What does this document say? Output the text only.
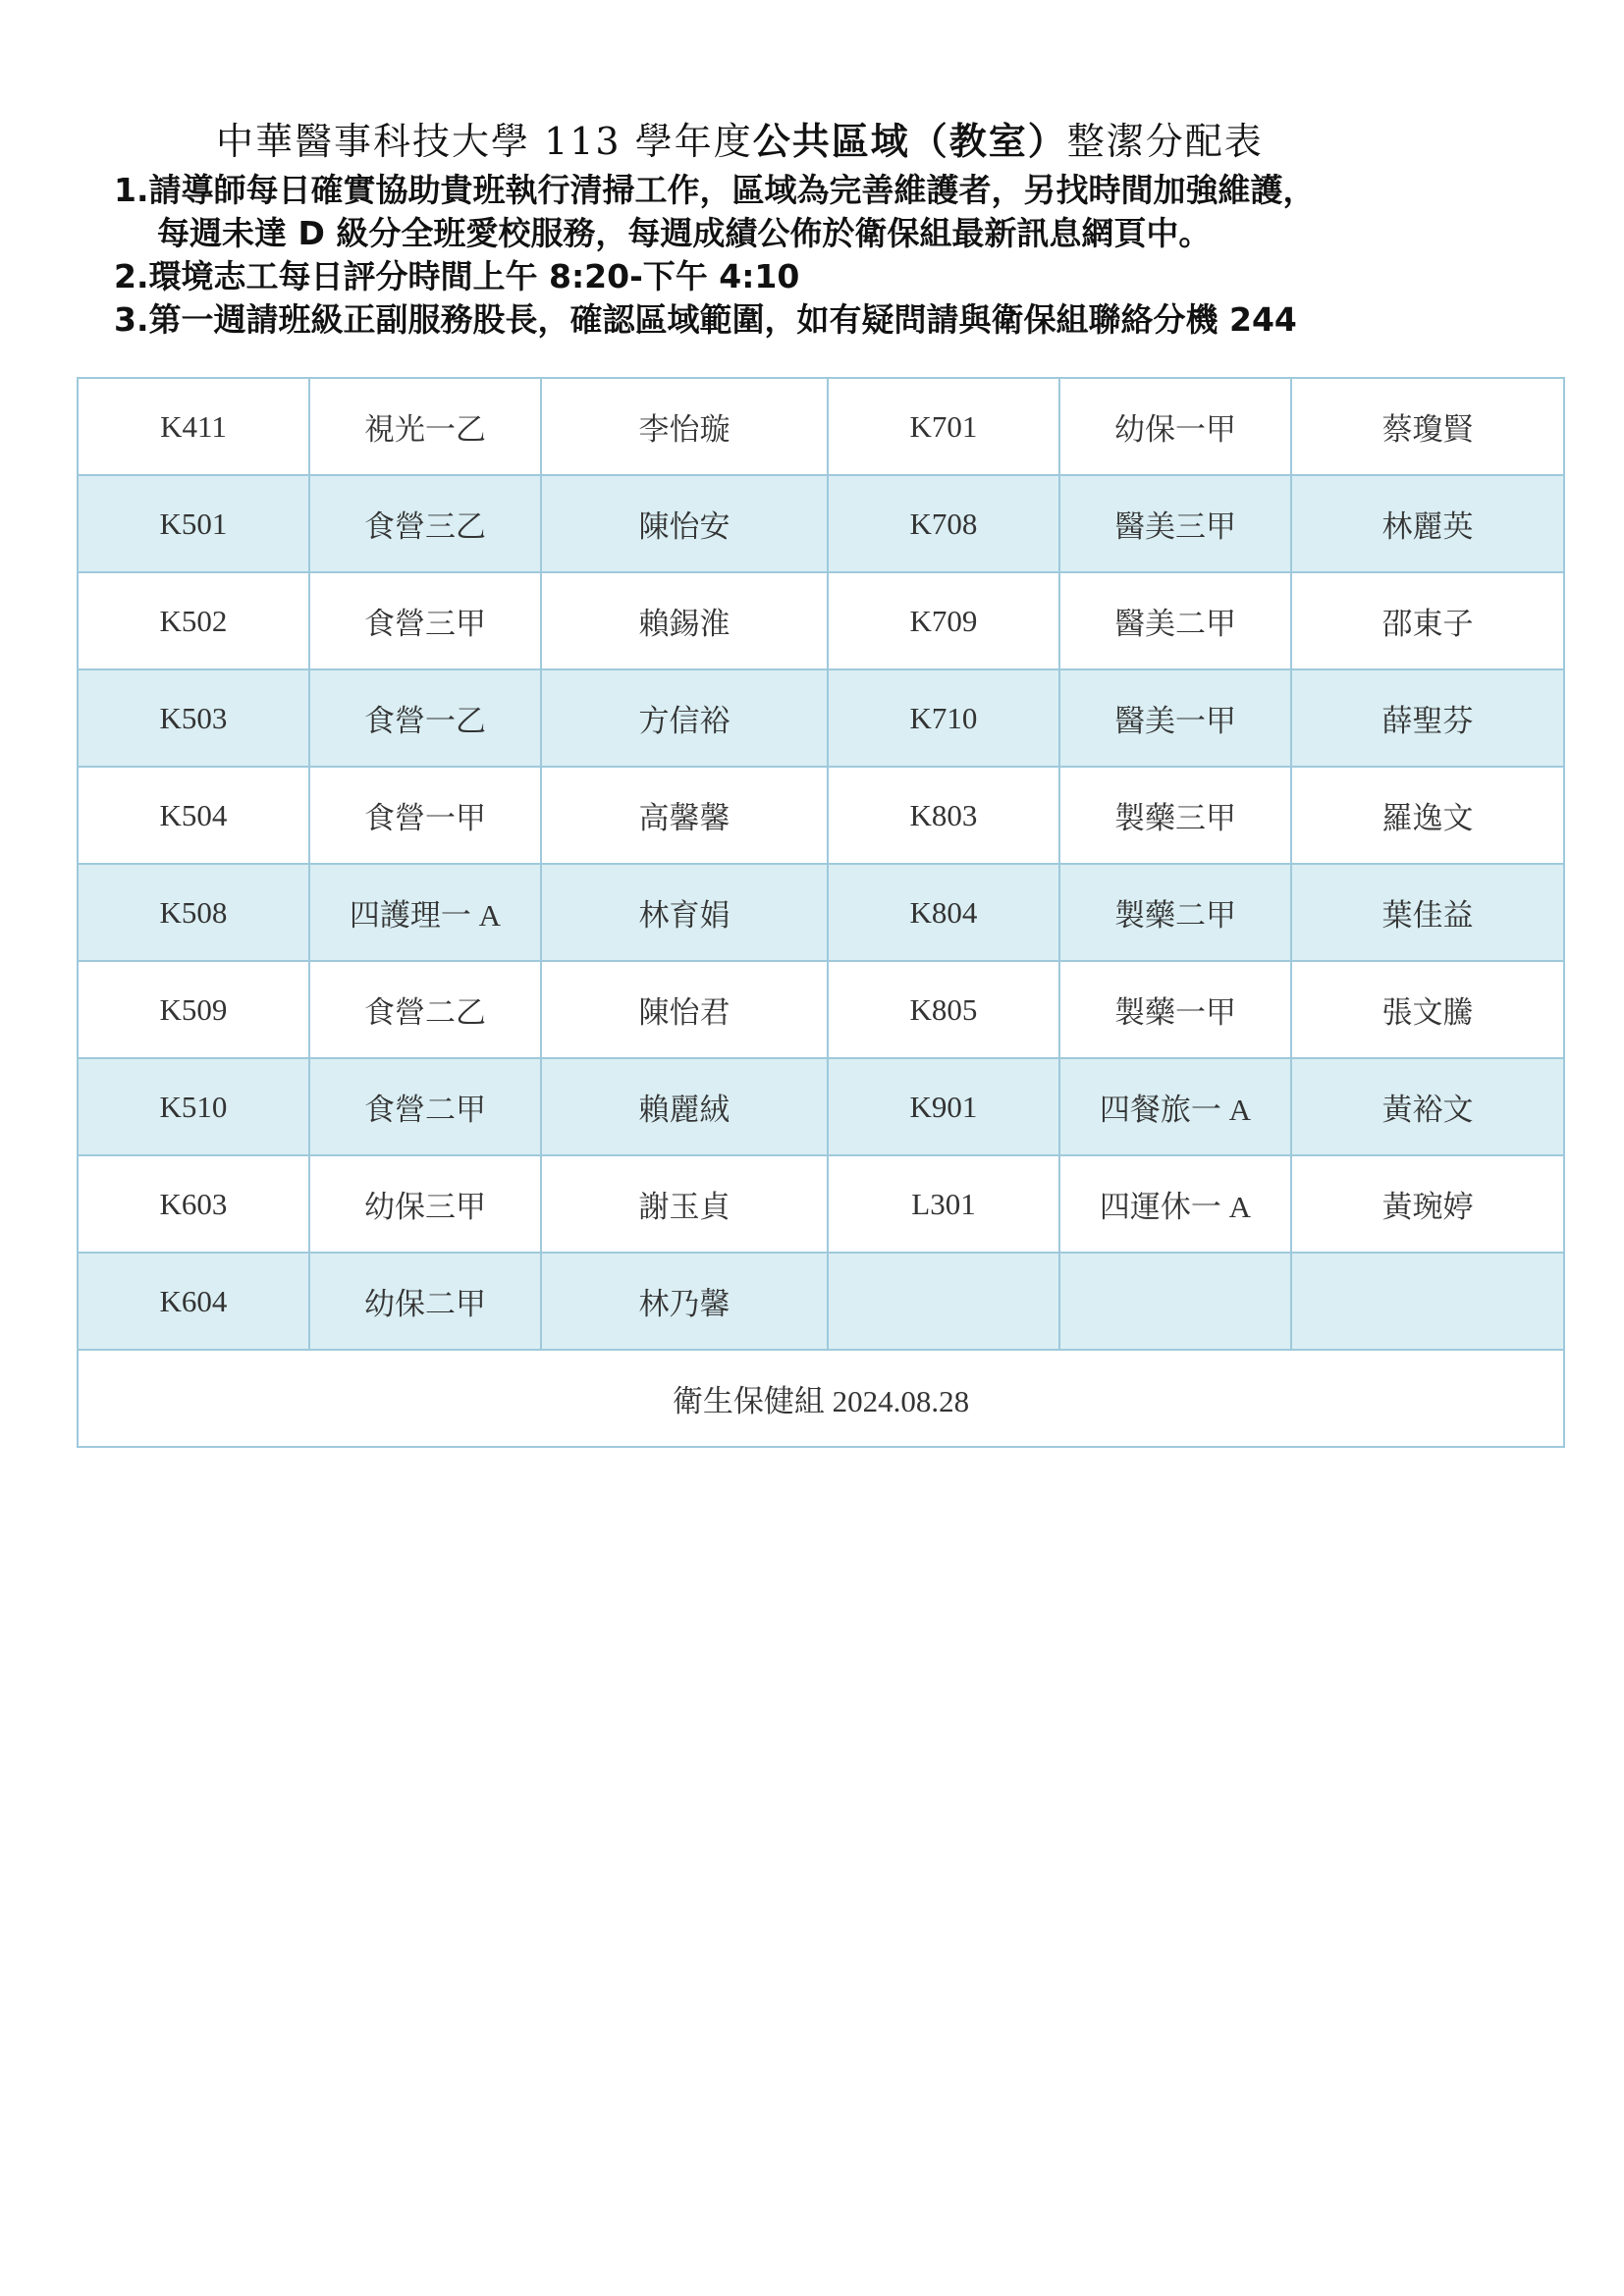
中華醫事科技大學 113 學年度公共區域（教室）整潔分配表
1.請導師每日確實協助貴班執行清掃工作，區域為完善維護者，另找時間加強維護，
每週未達 D 級分全班愛校服務，每週成績公佈於衛保組最新訊息網頁中。
2.環境志工每日評分時間上午 8:20-下午 4:10
3.第一週請班級正副服務股長，確認區域範圍，如有疑問請與衛保組聯絡分機 244
K411	視光一乙	李怡璇	K701	幼保一甲	蔡瓊賢
K501	食營三乙	陳怡安	K708	醫美三甲	林麗英
K502	食營三甲	賴錫淮	K709	醫美二甲	邵東子
K503	食營一乙	方信裕	K710	醫美一甲	薛聖芬
K504	食營一甲	高馨馨	K803	製藥三甲	羅逸文
K508	四護理一 A	林育娟	K804	製藥二甲	葉佳益
K509	食營二乙	陳怡君	K805	製藥一甲	張文騰
K510	食營二甲	賴麗絨	K901	四餐旅一 A	黃裕文
K603	幼保三甲	謝玉貞	L301	四運休一 A	黃琬婷
K604	幼保二甲	林乃馨			
衛生保健組 2024.08.28					
